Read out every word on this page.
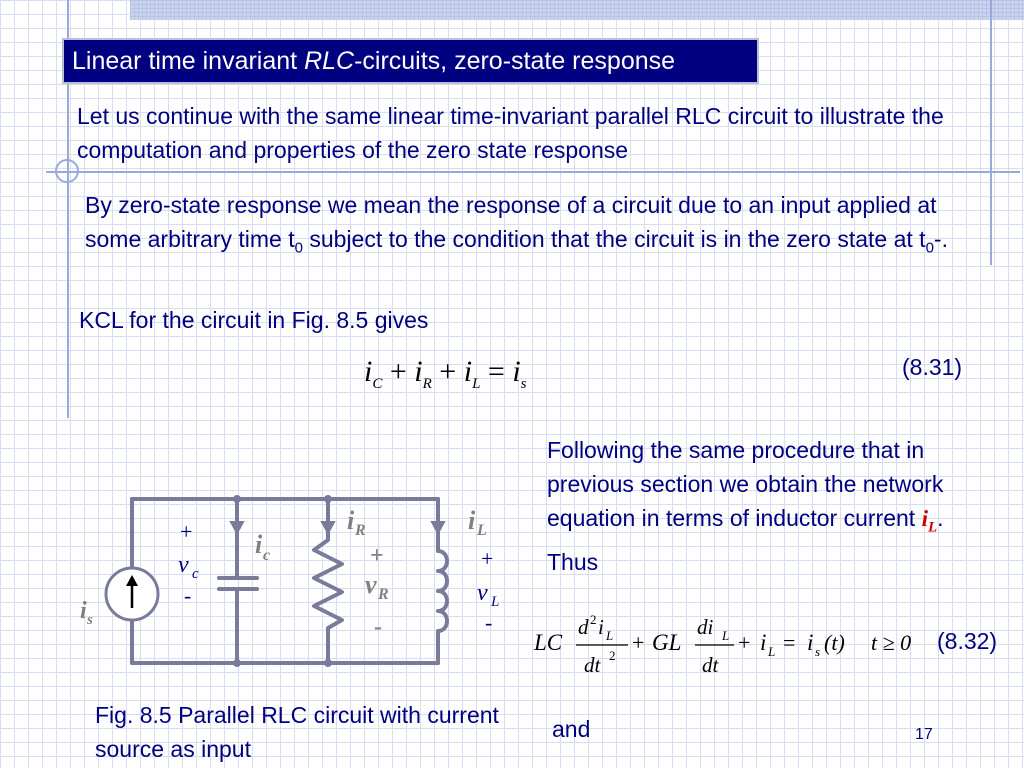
Linear time invariant RLC-circuits, zero-state response
Let us continue with the same linear time-invariant parallel RLC circuit to illustrate the computation and properties of the zero state response
By zero-state response we mean the response of a circuit due to an input applied at some arbitrary time $t_0$ subject to the condition that the circuit is in the zero state at $t_0-$.
KCL for the circuit in Fig. 8.5 gives
$i_C + i_R + i_L = i_s$
(8.31)
Following the same procedure that in previous section we obtain the network equation in terms of inductor current $i_L$. Thus
LC
d 2 i L
dt 2
+ GL
di L
dt
+ i L = i s (t) t ≥ 0 (8.32)
i s
+
v c
-
i c
i R
+
v R
-
i L
+
v L
-
Fig. 8.5 Parallel RLC circuit with current source as input
and	17
